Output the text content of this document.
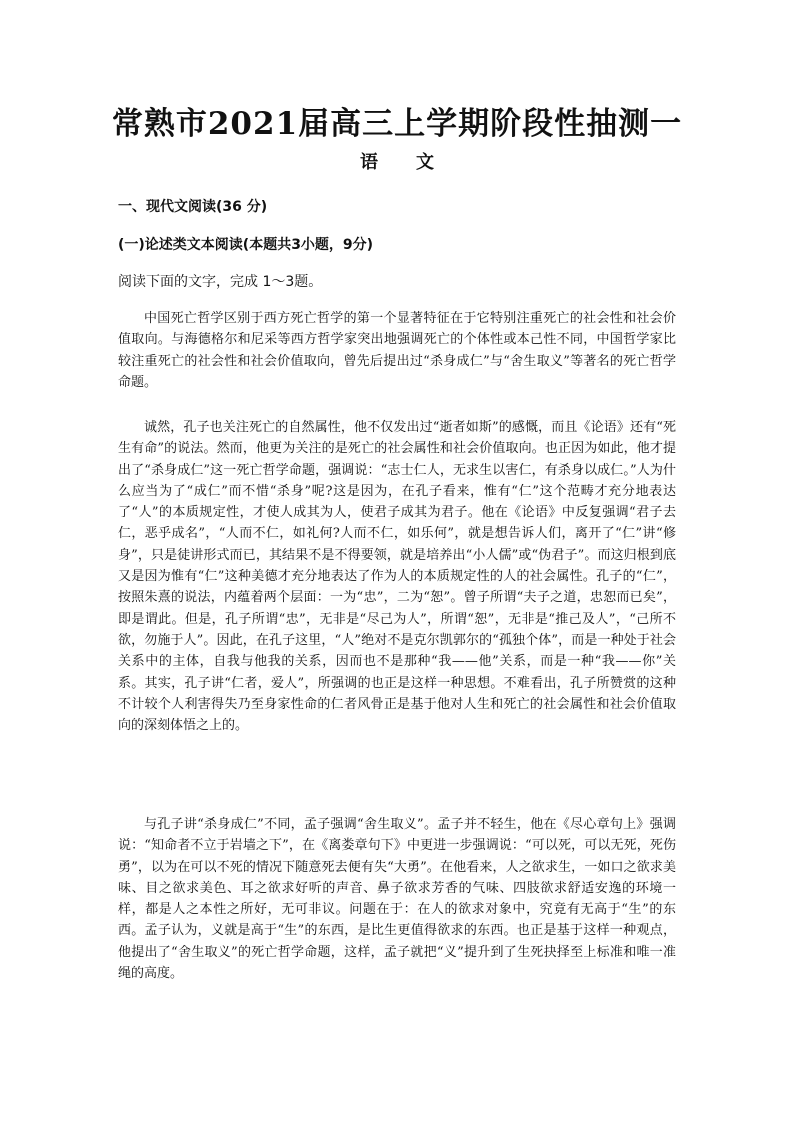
常熟市2021届高三上学期阶段性抽测一
语文
一、现代文阅读(36 分)
(一)论述类文本阅读(本题共3小题，9分)
阅读下面的文字，完成 1～3题。

中国死亡哲学区别于西方死亡哲学的第一个显著特征在于它特别注重死亡的社会性和社会价值取向。与海德格尔和尼采等西方哲学家突出地强调死亡的个体性或本己性不同，中国哲学家比较注重死亡的社会性和社会价值取向，曾先后提出过“杀身成仁”与“舍生取义”等著名的死亡哲学命题。

诚然，孔子也关注死亡的自然属性，他不仅发出过“逝者如斯”的感慨，而且《论语》还有“死生有命”的说法。然而，他更为关注的是死亡的社会属性和社会价值取向。也正因为如此，他才提出了“杀身成仁”这一死亡哲学命题，强调说：“志士仁人，无求生以害仁，有杀身以成仁。”人为什么应当为了“成仁”而不惜“杀身”呢?这是因为，在孔子看来，惟有“仁”这个范畴才充分地表达了“人”的本质规定性，才使人成其为人，使君子成其为君子。他在《论语》中反复强调“君子去仁，恶乎成名”，“人而不仁，如礼何?人而不仁，如乐何”，就是想告诉人们，离开了“仁”讲“修身”，只是徒讲形式而已，其结果不是不得要领，就是培养出“小人儒”或“伪君子”。而这归根到底又是因为惟有“仁”这种美德才充分地表达了作为人的本质规定性的人的社会属性。孔子的“仁”，按照朱熹的说法，内蕴着两个层面：一为“忠”，二为“恕”。曾子所谓“夫子之道，忠恕而已矣”，即是谓此。但是，孔子所谓“忠”，无非是“尽己为人”，所谓“恕”，无非是“推己及人”，“己所不欲，勿施于人”。因此，在孔子这里，“人”绝对不是克尔凯郭尔的“孤独个体”，而是一种处于社会关系中的主体，自我与他我的关系，因而也不是那种“我——他”关系，而是一种“我——你”关系。其实，孔子讲“仁者，爱人”，所强调的也正是这样一种思想。不难看出，孔子所赞赏的这种不计较个人利害得失乃至身家性命的仁者风骨正是基于他对人生和死亡的社会属性和社会价值取向的深刻体悟之上的。

与孔子讲“杀身成仁”不同，孟子强调“舍生取义”。孟子并不轻生，他在《尽心章句上》强调说：“知命者不立于岩墙之下”，在《离娄章句下》中更进一步强调说：“可以死，可以无死，死伤勇”，以为在可以不死的情况下随意死去便有失“大勇”。在他看来，人之欲求生，一如口之欲求美味、目之欲求美色、耳之欲求好听的声音、鼻子欲求芳香的气味、四肢欲求舒适安逸的环境一样，都是人之本性之所好，无可非议。问题在于：在人的欲求对象中，究竟有无高于“生”的东西。孟子认为，义就是高于“生”的东西，是比生更值得欲求的东西。也正是基于这样一种观点，他提出了“舍生取义”的死亡哲学命题，这样，孟子就把“义”提升到了生死抉择至上标准和唯一准绳的高度。
